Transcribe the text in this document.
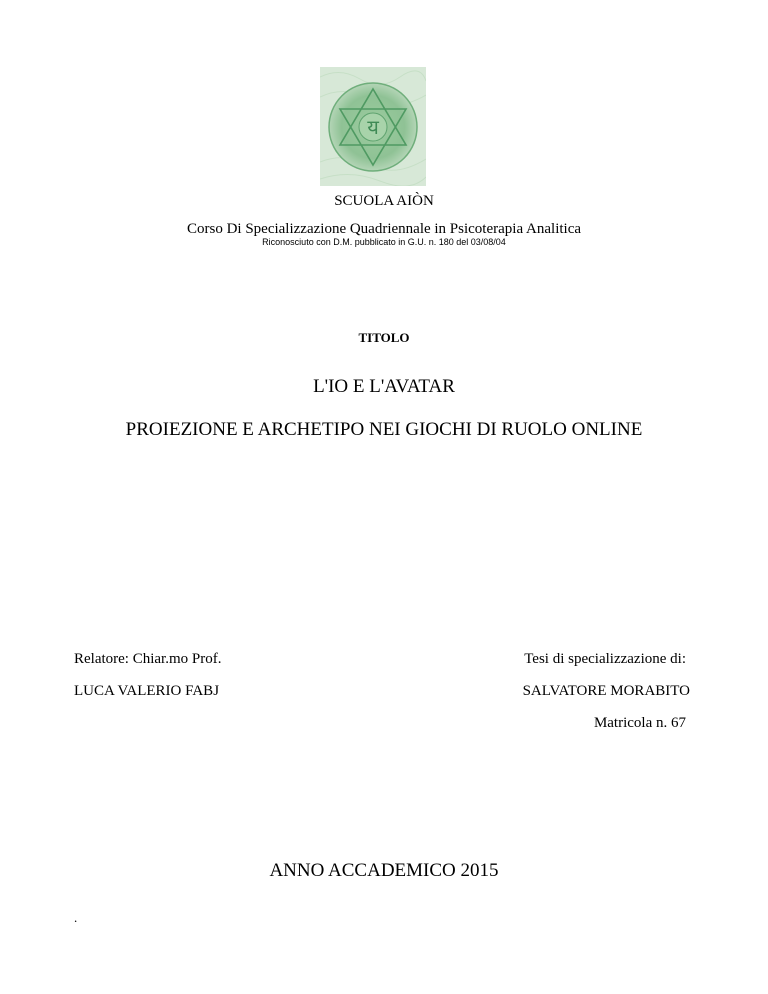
य
SCUOLA AIÒN
Corso Di Specializzazione Quadriennale in Psicoterapia Analitica
Riconosciuto con D.M. pubblicato in G.U. n. 180 del 03/08/04
TITOLO
L'IO E L'AVATAR
PROIEZIONE E ARCHETIPO NEI GIOCHI DI RUOLO ONLINE
Relatore: Chiar.mo Prof.
LUCA VALERIO FABJ
Tesi di specializzazione di:
SALVATORE MORABITO
Matricola n. 67
ANNO ACCADEMICO 2015
.
